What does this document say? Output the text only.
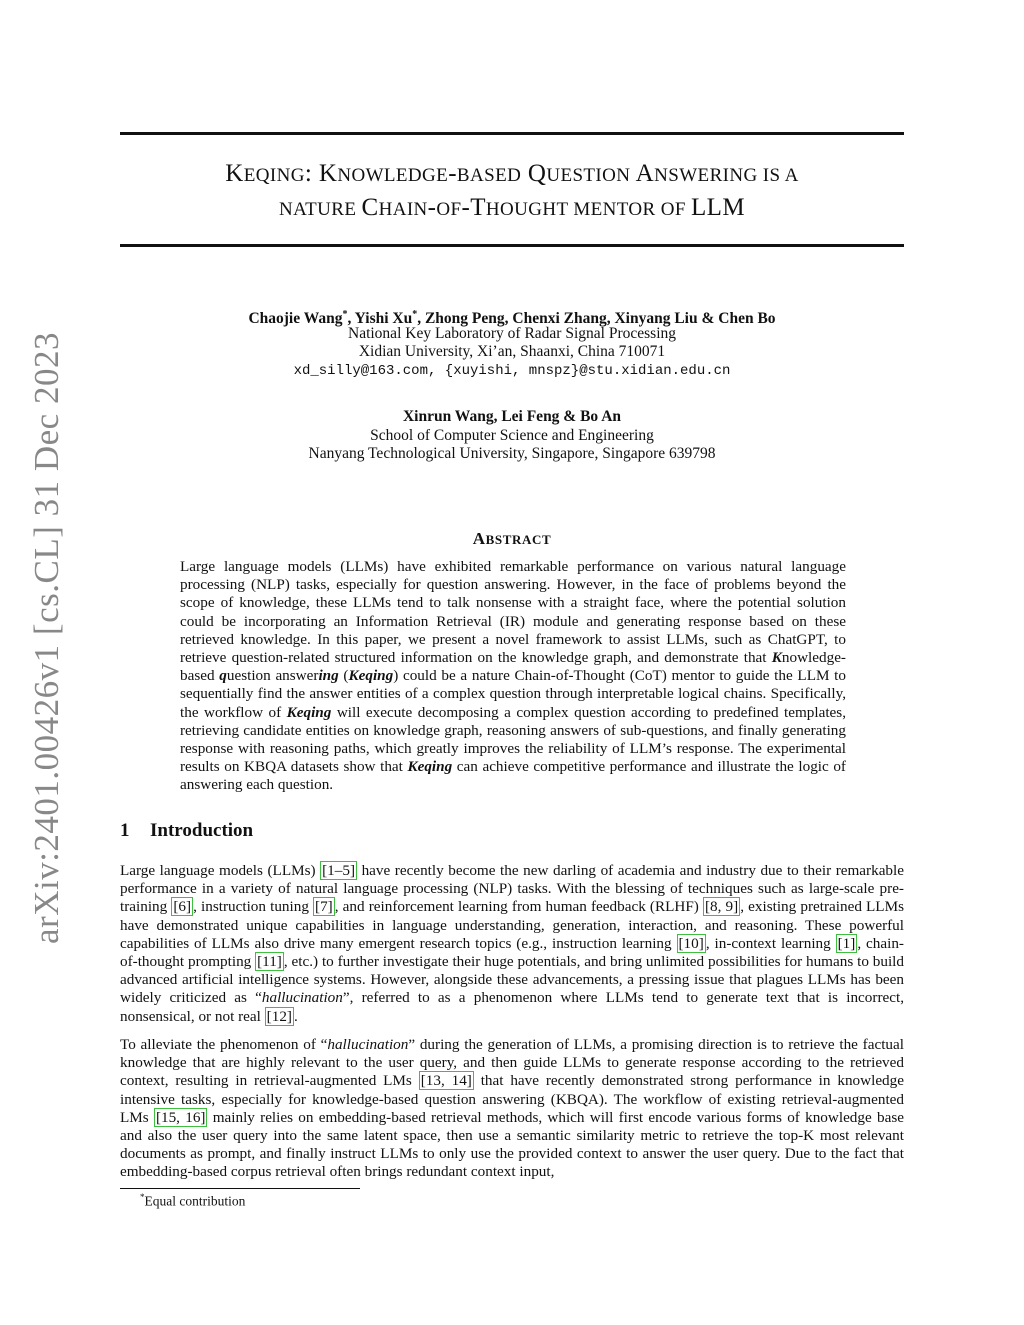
arXiv:2401.00426v1 [cs.CL] 31 Dec 2023
KEQING: KNOWLEDGE-BASED QUESTION ANSWERING IS A
NATURE CHAIN-OF-THOUGHT MENTOR OF LLM
Chaojie Wang*, Yishi Xu*, Zhong Peng, Chenxi Zhang, Xinyang Liu & Chen Bo
National Key Laboratory of Radar Signal Processing
Xidian University, Xi’an, Shaanxi, China 710071
xd_silly@163.com, {xuyishi, mnspz}@stu.xidian.edu.cn
Xinrun Wang, Lei Feng & Bo An
School of Computer Science and Engineering
Nanyang Technological University, Singapore, Singapore 639798
ABSTRACT
Large language models (LLMs) have exhibited remarkable performance on various natural language processing (NLP) tasks, especially for question answering. However, in the face of problems beyond the scope of knowledge, these LLMs tend to talk nonsense with a straight face, where the potential solution could be incorporating an Information Retrieval (IR) module and generating response based on these retrieved knowledge. In this paper, we present a novel framework to assist LLMs, such as ChatGPT, to retrieve question-related structured information on the knowledge graph, and demonstrate that Knowledge-based question answering (Keqing) could be a nature Chain-of-Thought (CoT) mentor to guide the LLM to sequentially find the answer entities of a complex question through interpretable logical chains. Specifically, the workflow of Keqing will execute decomposing a complex question according to predefined templates, retrieving candidate entities on knowledge graph, reasoning answers of sub-questions, and finally generating response with reasoning paths, which greatly improves the reliability of LLM’s response. The experimental results on KBQA datasets show that Keqing can achieve competitive performance and illustrate the logic of answering each question.
1 Introduction
Large language models (LLMs) [1–5] have recently become the new darling of academia and industry due to their remarkable performance in a variety of natural language processing (NLP) tasks. With the blessing of techniques such as large-scale pre-training [6] , instruction tuning [7] , and reinforcement learning from human feedback (RLHF) [8, 9] , existing pretrained LLMs have demonstrated unique capabilities in language understanding, generation, interaction, and reasoning. These powerful capabilities of LLMs also drive many emergent research topics (e.g., instruction learning [10] , in-context learning [1] , chain-of-thought prompting [11] , etc.) to further investigate their huge potentials, and bring unlimited possibilities for humans to build advanced artificial intelligence systems. However, alongside these advancements, a pressing issue that plagues LLMs has been widely criticized as “hallucination”, referred to as a phenomenon where LLMs tend to generate text that is incorrect, nonsensical, or not real [12] .
To alleviate the phenomenon of “hallucination” during the generation of LLMs, a promising direction is to retrieve the factual knowledge that are highly relevant to the user query, and then guide LLMs to generate response according to the retrieved context, resulting in retrieval-augmented LMs [13, 14] that have recently demonstrated strong performance in knowledge intensive tasks, especially for knowledge-based question answering (KBQA). The workflow of existing retrieval-augmented LMs [15, 16] mainly relies on embedding-based retrieval methods, which will first encode various forms of knowledge base and also the user query into the same latent space, then use a semantic similarity metric to retrieve the top-K most relevant documents as prompt, and finally instruct LLMs to only use the provided context to answer the user query. Due to the fact that embedding-based corpus retrieval often brings redundant context input,
*Equal contribution
